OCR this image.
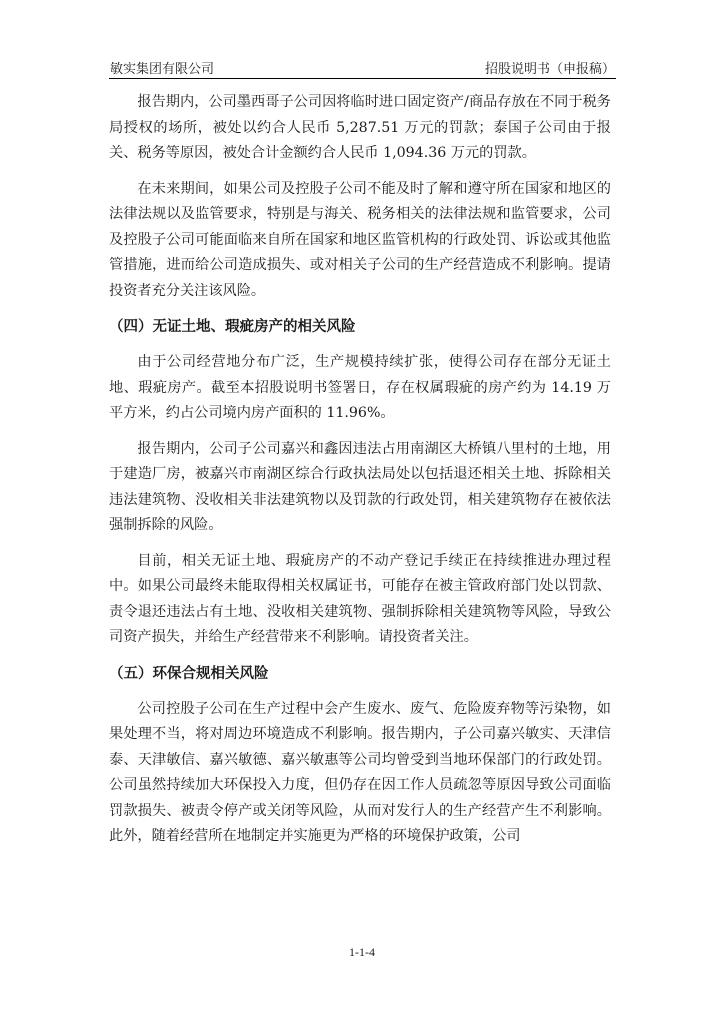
敏实集团有限公司	招股说明书（申报稿）

报告期内，公司墨西哥子公司因将临时进口固定资产/商品存放在不同于税务局授权的场所，被处以约合人民币 5,287.51 万元的罚款；泰国子公司由于报关、税务等原因，被处合计金额约合人民币 1,094.36 万元的罚款。

在未来期间，如果公司及控股子公司不能及时了解和遵守所在国家和地区的法律法规以及监管要求，特别是与海关、税务相关的法律法规和监管要求，公司及控股子公司可能面临来自所在国家和地区监管机构的行政处罚、诉讼或其他监管措施，进而给公司造成损失、或对相关子公司的生产经营造成不利影响。提请投资者充分关注该风险。

（四）无证土地、瑕疵房产的相关风险

由于公司经营地分布广泛，生产规模持续扩张，使得公司存在部分无证土地、瑕疵房产。截至本招股说明书签署日，存在权属瑕疵的房产约为 14.19 万平方米，约占公司境内房产面积的 11.96%。

报告期内，公司子公司嘉兴和鑫因违法占用南湖区大桥镇八里村的土地，用于建造厂房，被嘉兴市南湖区综合行政执法局处以包括退还相关土地、拆除相关违法建筑物、没收相关非法建筑物以及罚款的行政处罚，相关建筑物存在被依法强制拆除的风险。

目前，相关无证土地、瑕疵房产的不动产登记手续正在持续推进办理过程中。如果公司最终未能取得相关权属证书，可能存在被主管政府部门处以罚款、责令退还违法占有土地、没收相关建筑物、强制拆除相关建筑物等风险，导致公司资产损失，并给生产经营带来不利影响。请投资者关注。

（五）环保合规相关风险

公司控股子公司在生产过程中会产生废水、废气、危险废弃物等污染物，如果处理不当，将对周边环境造成不利影响。报告期内，子公司嘉兴敏实、天津信泰、天津敏信、嘉兴敏德、嘉兴敏惠等公司均曾受到当地环保部门的行政处罚。公司虽然持续加大环保投入力度，但仍存在因工作人员疏忽等原因导致公司面临罚款损失、被责令停产或关闭等风险，从而对发行人的生产经营产生不利影响。此外，随着经营所在地制定并实施更为严格的环境保护政策，公司

1-1-4
